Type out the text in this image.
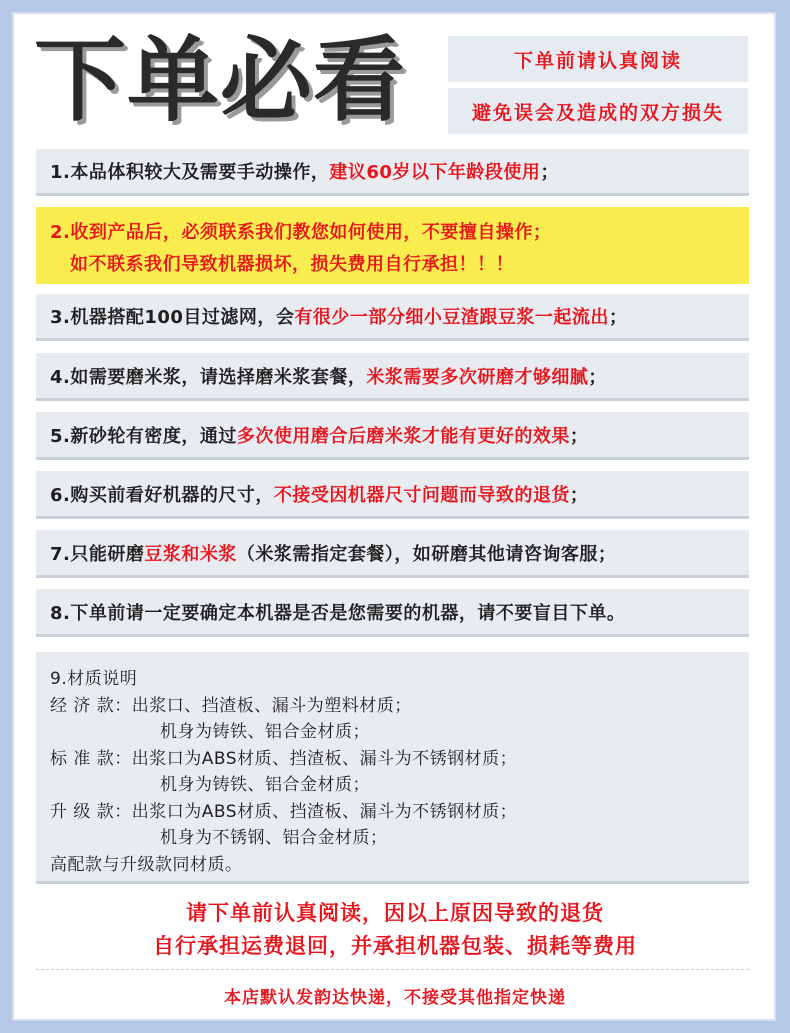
下单必看	下单前请认真阅读
避免误会及造成的双方损失
1.本品体积较大及需要手动操作， 建议60岁以下年龄段使用 ；
2.收到产品后，必须联系我们教您如何使用，不要擅自操作；
如不联系我们导致机器损坏，损失费用自行承担！！！
3.机器搭配100目过滤网，会 有很少一部分细小豆渣跟豆浆一起流出 ；
4.如需要磨米浆，请选择磨米浆套餐， 米浆需要多次研磨才够细腻 ；
5.新砂轮有密度，通过 多次使用磨合后磨米浆才能有更好的效果 ；
6.购买前看好机器的尺寸， 不接受因机器尺寸问题而导致的退货 ；
7.只能研磨 豆浆和米浆 （米浆需指定套餐），如研磨其他请咨询客服；
8.下单前请一定要确定本机器是否是您需要的机器，请不要盲目下单。
9.材质说明
经 济 款：出浆口、挡渣板、漏斗为塑料材质；
机身为铸铁、铝合金材质；
标 准 款：出浆口为ABS材质、挡渣板、漏斗为不锈钢材质；
机身为铸铁、铝合金材质；
升 级 款：出浆口为ABS材质、挡渣板、漏斗为不锈钢材质；
机身为不锈钢、铝合金材质；
高配款与升级款同材质。
请下单前认真阅读，因以上原因导致的退货
自行承担运费退回，并承担机器包装、损耗等费用
本店默认发韵达快递，不接受其他指定快递
